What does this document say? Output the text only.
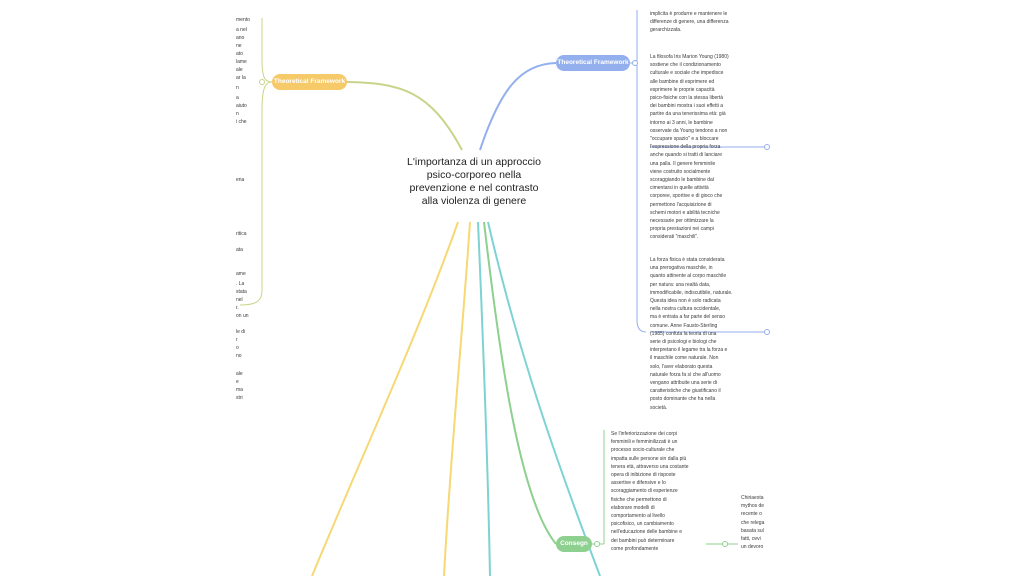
L'importanza di un approccio psico-corporeo nella prevenzione e nel contrasto alla violenza di genere
Theoretical Framework
Theoretical Framework
Consegn
implicita è produrre e mantenere le
differenze di genere, una differenza
gerarchizzata.
La filosofa Iris Marion Young (1980)
sostiene che il condizionamento
culturale e sociale che impedisce
alle bambine di esprimere ed
esprimere le proprie capacità
psico-fisiche con la stessa libertà
dei bambini mostra i suoi effetti a
partire da una tenerissima età: già
intorno ai 3 anni, le bambine
osservate da Young tendono a non
"occupare spazio" e a bloccare
l'espressione della propria forza
anche quando si tratti di lanciare
una palla. Il genere femminile
viene costruito socialmente
scoraggiando le bambine dal
cimentarsi in quelle attività
corporee, sportive e di gioco che
permettono l'acquisizione di
schemi motori e abilità tecniche
necessarie per ottimizzare la
propria prestazioni nei campi
considerati "maschili".
La forza fisica è stata considerata
una prerogativa maschile, in
quanto attinente al corpo maschile
per natura: una realtà data,
immodificabile, indiscutibile, naturale.
Questa idea non è solo radicata
nella nostra cultura occidentale,
ma è entrata a far parte del senso
comune. Anne Fausto-Sterling
(1985) confuta la teoria di una
serie di psicologi e biologi che
interpretano il legame tra la forza e
il maschile come naturale. Non
solo, l'aver elaborato questa
naturale forza fa sì che all'uomo
vengano attribuite una serie di
caratteristiche che giustificano il
posto dominante che ha nella
società.
Se l'inferiorizzazione dei corpi
femminili e femminilizzati è un
processo socio-culturale che
impatta sulle persone sin dalla più
tenera età, attraverso una costante
opera di inibizione di risposte
assertive e difensive e lo
scoraggiamento di esperienze
fisiche che permettono di
elaborare modelli di
comportamento al livello
psicofisico, un cambiamento
nell'educazione delle bambine e
dei bambini può determinare
come profondamente
Chiriaesta
mythos de
recente o
che relega
basata sul
fatti, ovvi
un devoro
mento
a nel
ano
ne
ato
lame
ale
ar la
n
a
aiuto
n
i che
ena
ritica
ata
ame
. La
stata
nel
r.
on un
le di
r
o
no
ale
e
ma
stri
